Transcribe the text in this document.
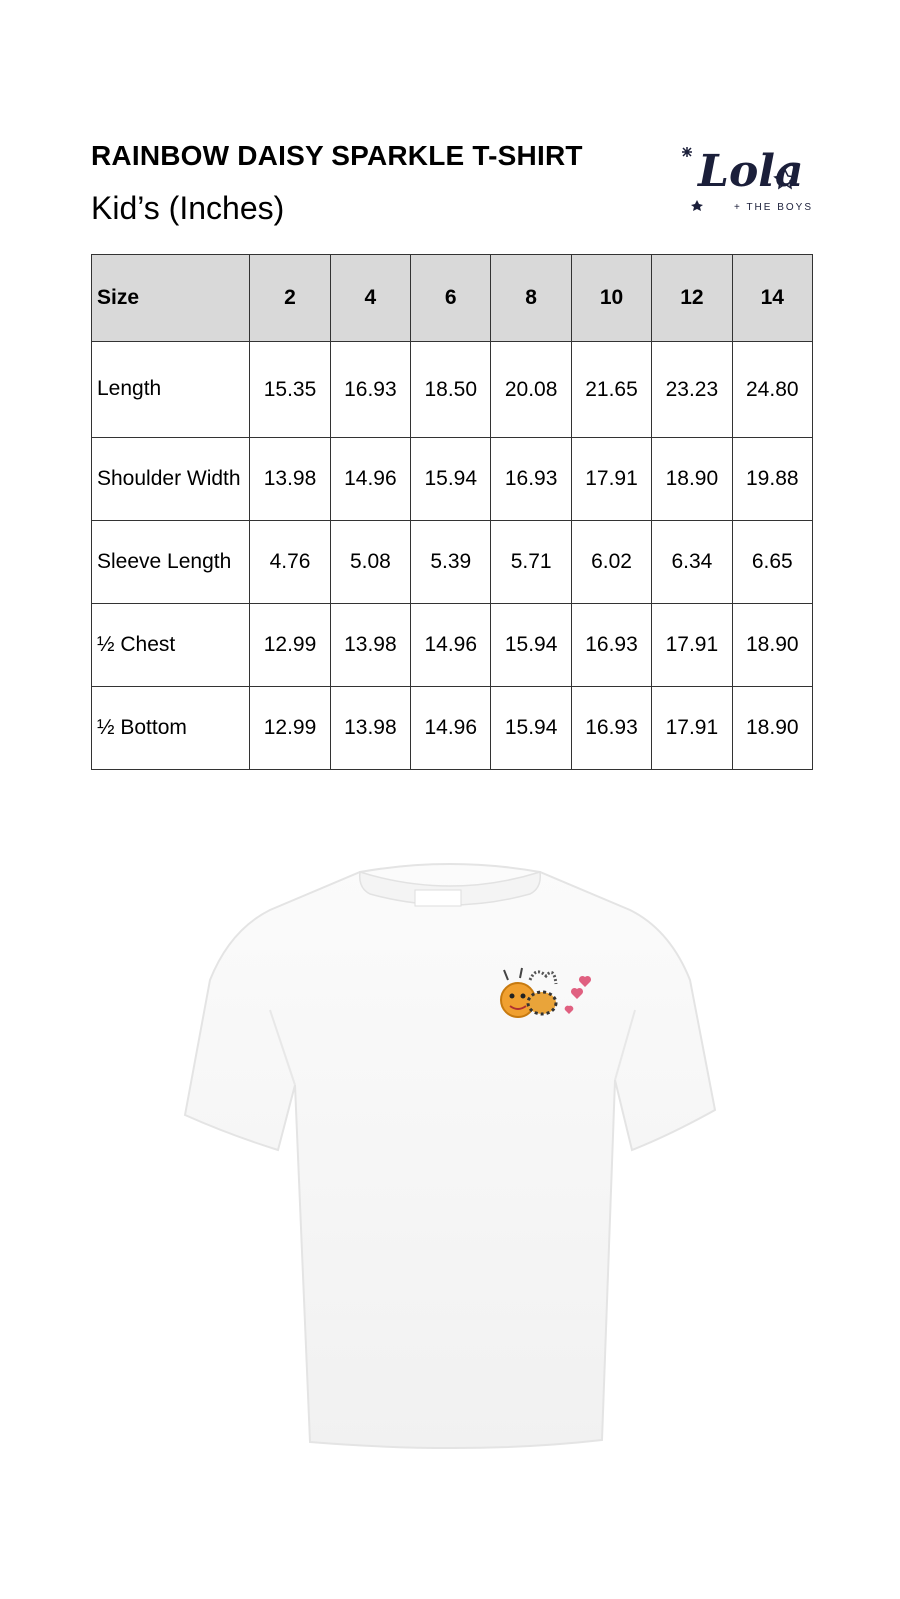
RAINBOW DAISY SPARKLE T-SHIRT
Kid’s (Inches)
Lola
+ THE BOYS
Size	2	4	6	8	10	12	14
Length	15.35	16.93	18.50	20.08	21.65	23.23	24.80
Shoulder Width	13.98	14.96	15.94	16.93	17.91	18.90	19.88
Sleeve Length	4.76	5.08	5.39	5.71	6.02	6.34	6.65
½ Chest	12.99	13.98	14.96	15.94	16.93	17.91	18.90
½ Bottom	12.99	13.98	14.96	15.94	16.93	17.91	18.90
